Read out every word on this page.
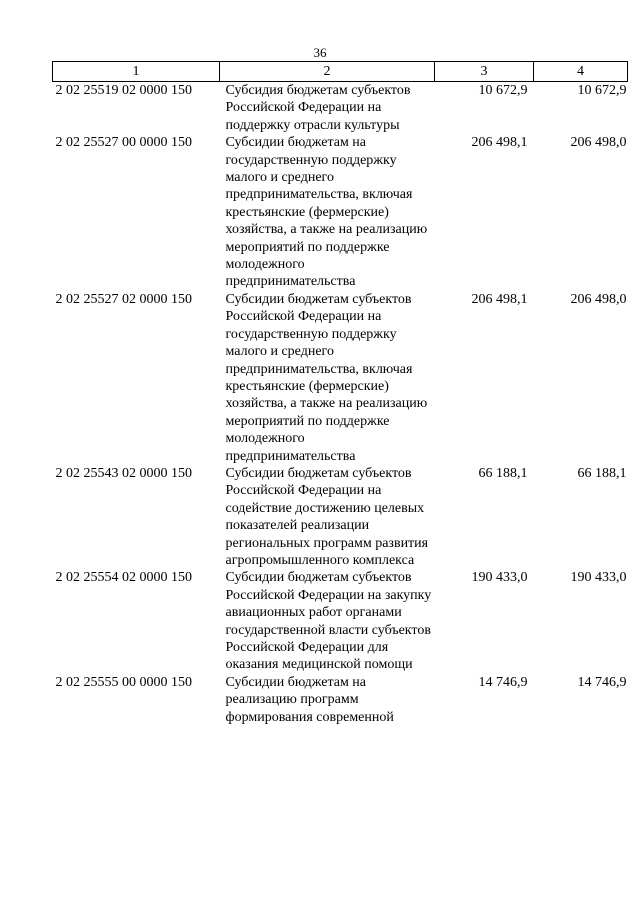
36
1	2	3	4
2 02 25519 02 0000 150	Субсидия бюджетам субъектов Российской Федерации на поддержку отрасли культуры	10 672,9	10 672,9
2 02 25527 00 0000 150	Субсидии бюджетам на государственную поддержку малого и среднего предпринимательства, включая крестьянские (фермерские) хозяйства, а также на реализацию мероприятий по поддержке молодежного предпринимательства	206 498,1	206 498,0
2 02 25527 02 0000 150	Субсидии бюджетам субъектов Российской Федерации на государственную поддержку малого и среднего предпринимательства, включая крестьянские (фермерские) хозяйства, а также на реализацию мероприятий по поддержке молодежного предпринимательства	206 498,1	206 498,0
2 02 25543 02 0000 150	Субсидии бюджетам субъектов Российской Федерации на содействие достижению целевых показателей реализации региональных программ развития агропромышленного комплекса	66 188,1	66 188,1
2 02 25554 02 0000 150	Субсидии бюджетам субъектов Российской Федерации на закупку авиационных работ органами государственной власти субъектов Российской Федерации для оказания медицинской помощи	190 433,0	190 433,0
2 02 25555 00 0000 150	Субсидии бюджетам на реализацию программ формирования современной	14 746,9	14 746,9
